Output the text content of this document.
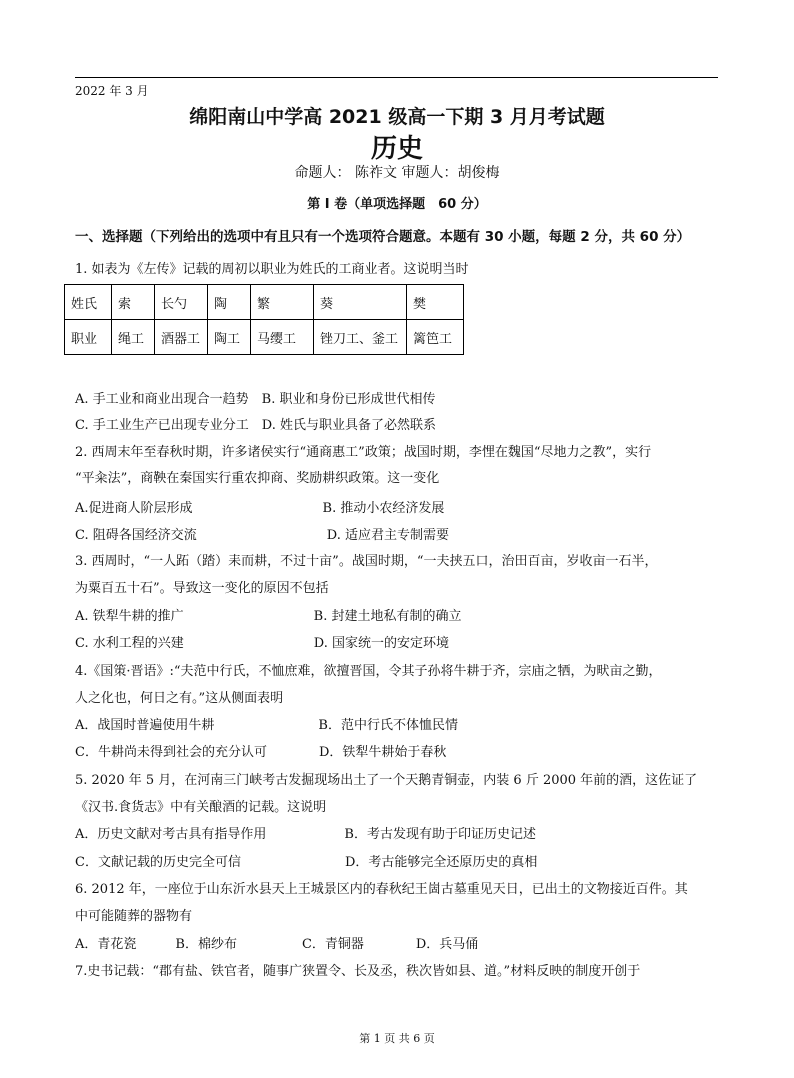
2022 年 3 月
绵阳南山中学高 2021 级高一下期 3 月月考试题
历史
命题人： 陈祚文 审题人：胡俊梅
第 I 卷（单项选择题　60 分）
一、选择题（下列给出的选项中有且只有一个选项符合题意。本题有 30 小题，每题 2 分，共 60 分）
1. 如表为《左传》记载的周初以职业为姓氏的工商业者。这说明当时
姓氏	索	长勺	陶	繁	葵	樊
职业	绳工	酒器工	陶工	马缨工	锉刀工、釜工	篱笆工
A. 手工业和商业出现合一趋势　B. 职业和身份已形成世代相传
C. 手工业生产已出现专业分工　D. 姓氏与职业具备了必然联系
2. 西周末年至春秋时期，许多诸侯实行“通商惠工”政策；战国时期，李悝在魏国“尽地力之教”，实行
“平籴法”，商鞅在秦国实行重农抑商、奖励耕织政策。这一变化
A.促进商人阶层形成　　　　　　　　　　B. 推动小农经济发展
C. 阻碍各国经济交流　　　　　　　　　　D. 适应君主专制需要
3. 西周时，“一人跖（踏）耒而耕，不过十亩”。战国时期，“一夫挟五口，治田百亩，岁收亩一石半，
为粟百五十石”。导致这一变化的原因不包括
A. 铁犁牛耕的推广　　　　　　　　　　B. 封建土地私有制的确立
C. 水利工程的兴建　　　　　　　　　　D. 国家统一的安定环境
4.《国策·晋语》:“夫范中行氏，不恤庶难，欲擅晋国，令其子孙将牛耕于齐，宗庙之牺，为畎亩之勤，
人之化也，何日之有。”这从侧面表明
A．战国时普遍使用牛耕　　　　　　　　B．范中行氏不体恤民情
C．牛耕尚未得到社会的充分认可　　　　D．铁犁牛耕始于春秋
5. 2020 年 5 月，在河南三门峡考古发掘现场出土了一个天鹅青铜壶，内装 6 斤 2000 年前的酒，这佐证了
《汉书.食货志》中有关酿酒的记载。这说明
A．历史文献对考古具有指导作用　　　　　　B．考古发现有助于印证历史记述
C．文献记载的历史完全可信　　　　　　　　D．考古能够完全还原历史的真相
6. 2012 年，一座位于山东沂水县天上王城景区内的春秋纪王崮古墓重见天日，已出土的文物接近百件。其
中可能随葬的器物有
A．青花瓷　　　B．棉纱布　　　　　C．青铜器　　　　D．兵马俑
7.史书记载：“郡有盐、铁官者，随事广狭置令、长及丞，秩次皆如县、道。”材料反映的制度开创于
第 1 页 共 6 页
